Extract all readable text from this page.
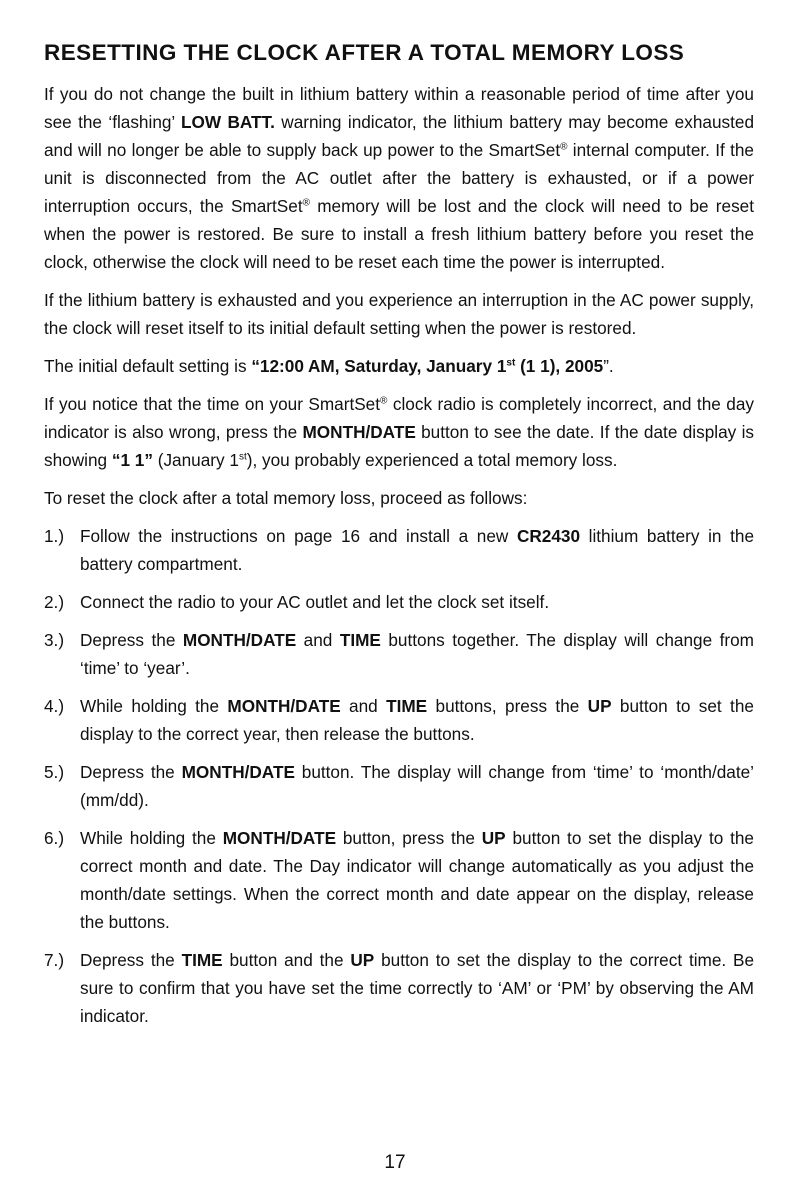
RESETTING THE CLOCK AFTER A TOTAL MEMORY LOSS

If you do not change the built in lithium battery within a reasonable period of time after you see the ‘flashing’ LOW BATT. warning indicator, the lithium battery may become exhausted and will no longer be able to supply back up power to the SmartSet® internal computer. If the unit is disconnected from the AC outlet after the battery is exhausted, or if a power interruption occurs, the SmartSet® memory will be lost and the clock will need to be reset when the power is restored. Be sure to install a fresh lithium battery before you reset the clock, otherwise the clock will need to be reset each time the power is interrupted.

If the lithium battery is exhausted and you experience an interruption in the AC power supply, the clock will reset itself to its initial default setting when the power is restored.

The initial default setting is “12:00 AM, Saturday, January 1st (1 1), 2005”.

If you notice that the time on your SmartSet® clock radio is completely incorrect, and the day indicator is also wrong, press the MONTH/DATE button to see the date. If the date display is showing “1 1” (January 1st), you probably experienced a total memory loss.

To reset the clock after a total memory loss, proceed as follows:

1.) Follow the instructions on page 16 and install a new CR2430 lithium battery in the battery compartment.
2.) Connect the radio to your AC outlet and let the clock set itself.
3.) Depress the MONTH/DATE and TIME buttons together. The display will change from ‘time’ to ‘year’.
4.) While holding the MONTH/DATE and TIME buttons, press the UP button to set the display to the correct year, then release the buttons.
5.) Depress the MONTH/DATE button. The display will change from ‘time’ to ‘month/date’ (mm/dd).
6.) While holding the MONTH/DATE button, press the UP button to set the display to the correct month and date. The Day indicator will change automatically as you adjust the month/date settings. When the correct month and date appear on the display, release the buttons.
7.) Depress the TIME button and the UP button to set the display to the correct time. Be sure to confirm that you have set the time correctly to ‘AM’ or ‘PM’ by observing the AM indicator.
17
